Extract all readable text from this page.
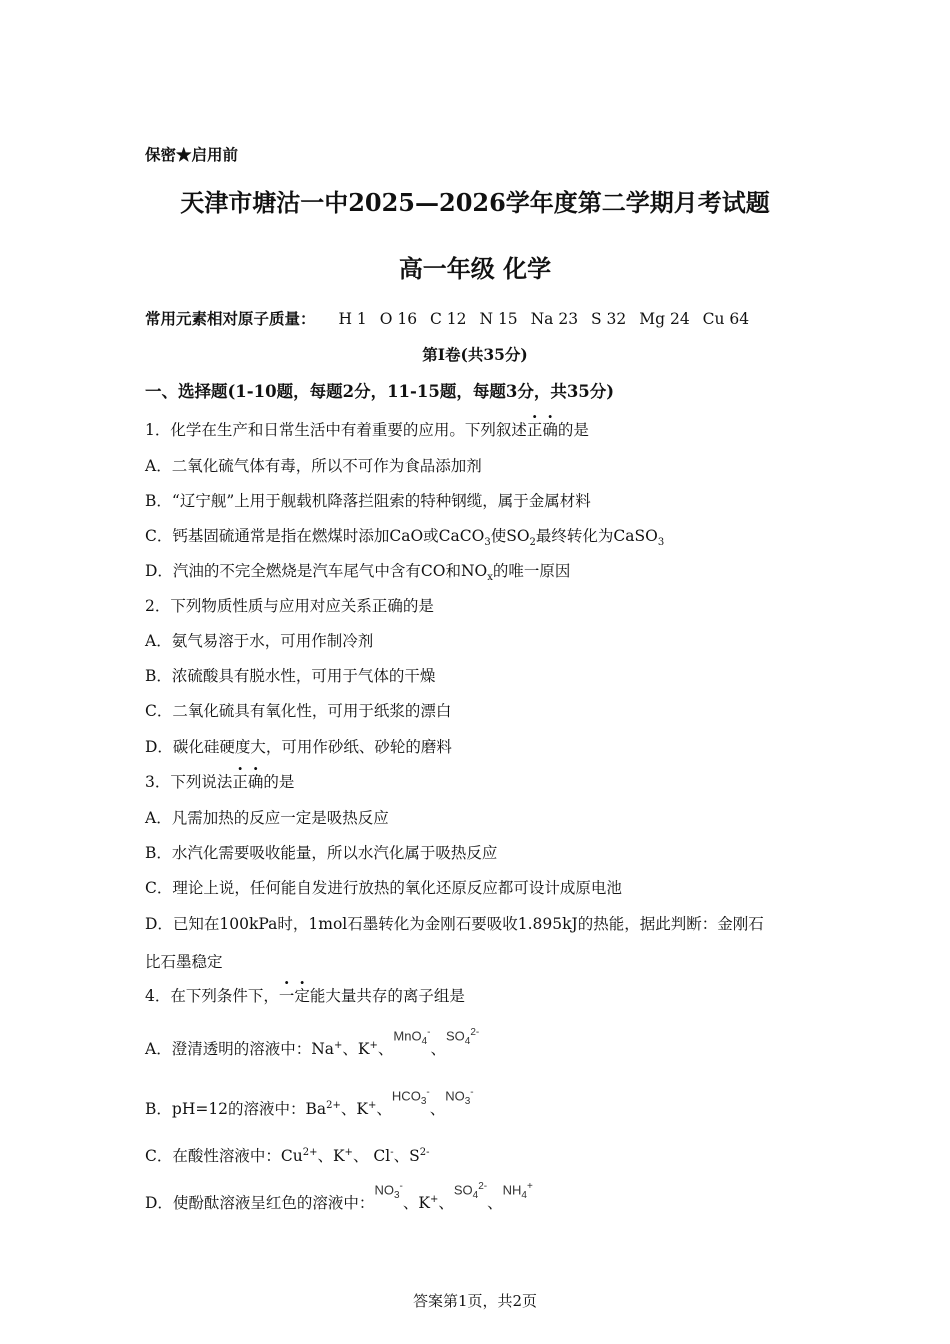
保密★启用前
天津市塘沽一中2025—2026学年度第二学期月考试题
高一年级 化学
常用元素相对原子质量： H 1 O 16 C 12 N 15 Na 23 S 32 Mg 24 Cu 64
第I卷(共35分)
一、选择题(1-10题，每题2分，11-15题，每题3分，共35分)
1．化学在生产和日常生活中有着重要的应用。下列叙述正确的是
A．二氧化硫气体有毒，所以不可作为食品添加剂
B．“辽宁舰”上用于舰载机降落拦阻索的特种钢缆，属于金属材料
C．钙基固硫通常是指在燃煤时添加CaO或CaCO$_3$使$SO_2$最终转化为CaSO$_3$
D．汽油的不完全燃烧是汽车尾气中含有CO和$NO_x$的唯一原因
2．下列物质性质与应用对应关系正确的是
A．氨气易溶于水，可用作制冷剂
B．浓硫酸具有脱水性，可用于气体的干燥
C．二氧化硫具有氧化性，可用于纸浆的漂白
D．碳化硅硬度大，可用作砂纸、砂轮的磨料
3．下列说法正确的是
A．凡需加热的反应一定是吸热反应
B．水汽化需要吸收能量，所以水汽化属于吸热反应
C．理论上说，任何能自发进行放热的氧化还原反应都可设计成原电池
D．已知在100kPa时，1mol石墨转化为金刚石要吸收1.895kJ的热能，据此判断：金刚石
比石墨稳定
4．在下列条件下，一定能大量共存的离子组是
A．澄清透明的溶液中：Na+、K+、MnO$_4$-、$SO_4^{2-}$
B．pH=12的溶液中：$Ba^{2+}$、K+、$HCO_3^-$、$NO_3^-$
C．在酸性溶液中：$Cu^{2+}$、K+、 Cl-、$S^{2-}$
D．使酚酞溶液呈红色的溶液中：$NO_3^-$、K+、$SO_4^{2-}$、$NH_4^+$
答案第1页，共2页
